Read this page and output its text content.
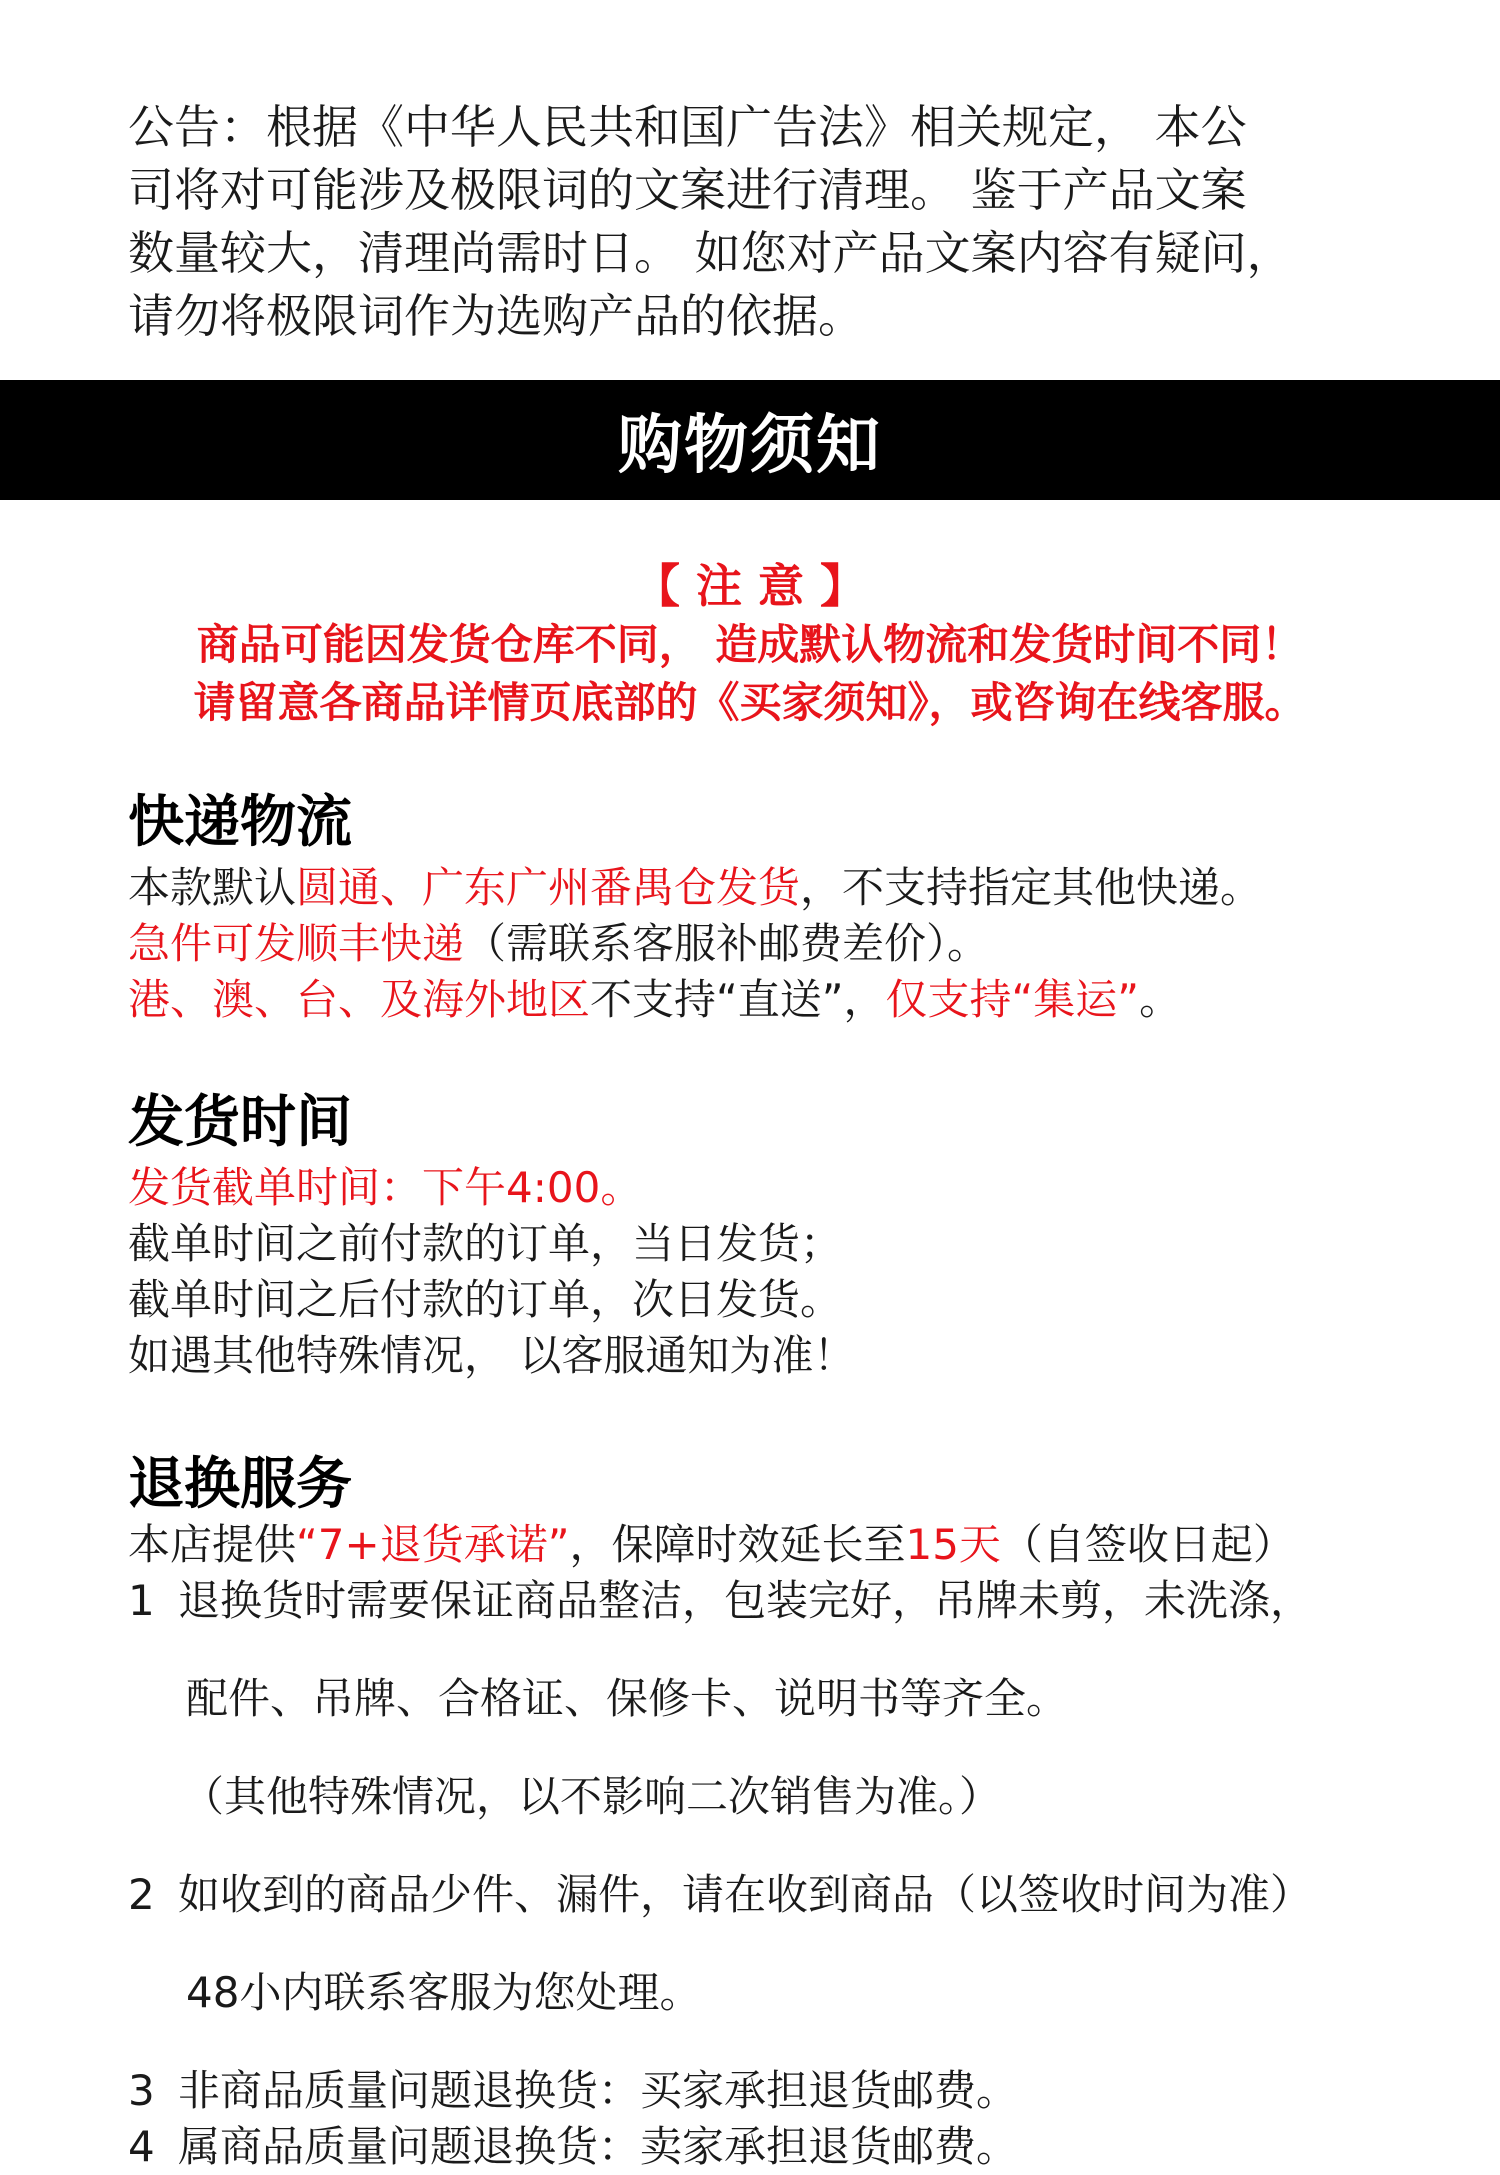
公告：根据《中华人民共和国广告法》相关规定， 本公

司将对可能涉及极限词的文案进行清理。 鉴于产品文案

数量较大，清理尚需时日。 如您对产品文案内容有疑问，

请勿将极限词作为选购产品的依据。

购物须知

【 注 意 】

商品可能因发货仓库不同， 造成默认物流和发货时间不同！

请留意各商品详情页底部的《买家须知》，或咨询在线客服。

快递物流

本款默认圆通、广东广州番禺仓发货，不支持指定其他快递。

急件可发顺丰快递（需联系客服补邮费差价）。

港、澳、台、及海外地区不支持“直送”，仅支持“集运”。

发货时间

发货截单时间：下午4:00。

截单时间之前付款的订单，当日发货；

截单时间之后付款的订单，次日发货。

如遇其他特殊情况， 以客服通知为准！

退换服务

本店提供“7+退货承诺”，保障时效延长至15天（自签收日起）

1 退换货时需要保证商品整洁，包装完好，吊牌未剪，未洗涤，

配件、吊牌、合格证、保修卡、说明书等齐全。

（其他特殊情况，以不影响二次销售为准。）

2 如收到的商品少件、漏件，请在收到商品（以签收时间为准）

48小内联系客服为您处理。

3 非商品质量问题退换货：买家承担退货邮费。
4 属商品质量问题退换货：卖家承担退货邮费。
